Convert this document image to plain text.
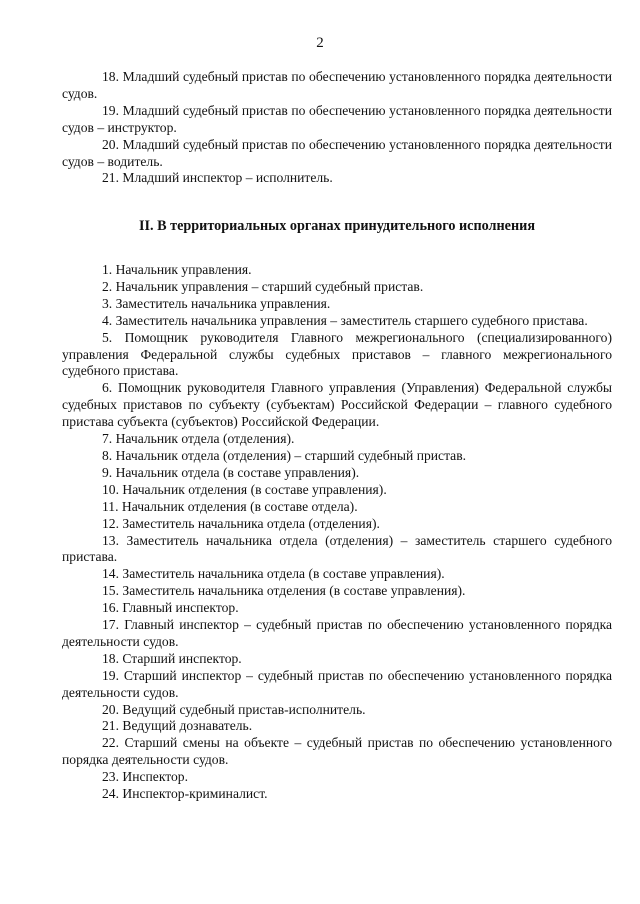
2

18. Младший судебный пристав по обеспечению установленного порядка деятельности судов.

19. Младший судебный пристав по обеспечению установленного порядка деятельности судов – инструктор.

20. Младший судебный пристав по обеспечению установленного порядка деятельности судов – водитель.

21. Младший инспектор – исполнитель.

II. В территориальных органах принудительного исполнения

1. Начальник управления.

2. Начальник управления – старший судебный пристав.

3. Заместитель начальника управления.

4. Заместитель начальника управления – заместитель старшего судебного пристава.

5. Помощник руководителя Главного межрегионального (специализированного) управления Федеральной службы судебных приставов – главного межрегионального судебного пристава.

6. Помощник руководителя Главного управления (Управления) Федеральной службы судебных приставов по субъекту (субъектам) Российской Федерации – главного судебного пристава субъекта (субъектов) Российской Федерации.

7. Начальник отдела (отделения).

8. Начальник отдела (отделения) – старший судебный пристав.

9. Начальник отдела (в составе управления).

10. Начальник отделения (в составе управления).

11. Начальник отделения (в составе отдела).

12. Заместитель начальника отдела (отделения).

13. Заместитель начальника отдела (отделения) – заместитель старшего судебного пристава.

14. Заместитель начальника отдела (в составе управления).

15. Заместитель начальника отделения (в составе управления).

16. Главный инспектор.

17. Главный инспектор – судебный пристав по обеспечению установленного порядка деятельности судов.

18. Старший инспектор.

19. Старший инспектор – судебный пристав по обеспечению установленного порядка деятельности судов.

20. Ведущий судебный пристав-исполнитель.

21. Ведущий дознаватель.

22. Старший смены на объекте – судебный пристав по обеспечению установленного порядка деятельности судов.

23. Инспектор.

24. Инспектор-криминалист.
